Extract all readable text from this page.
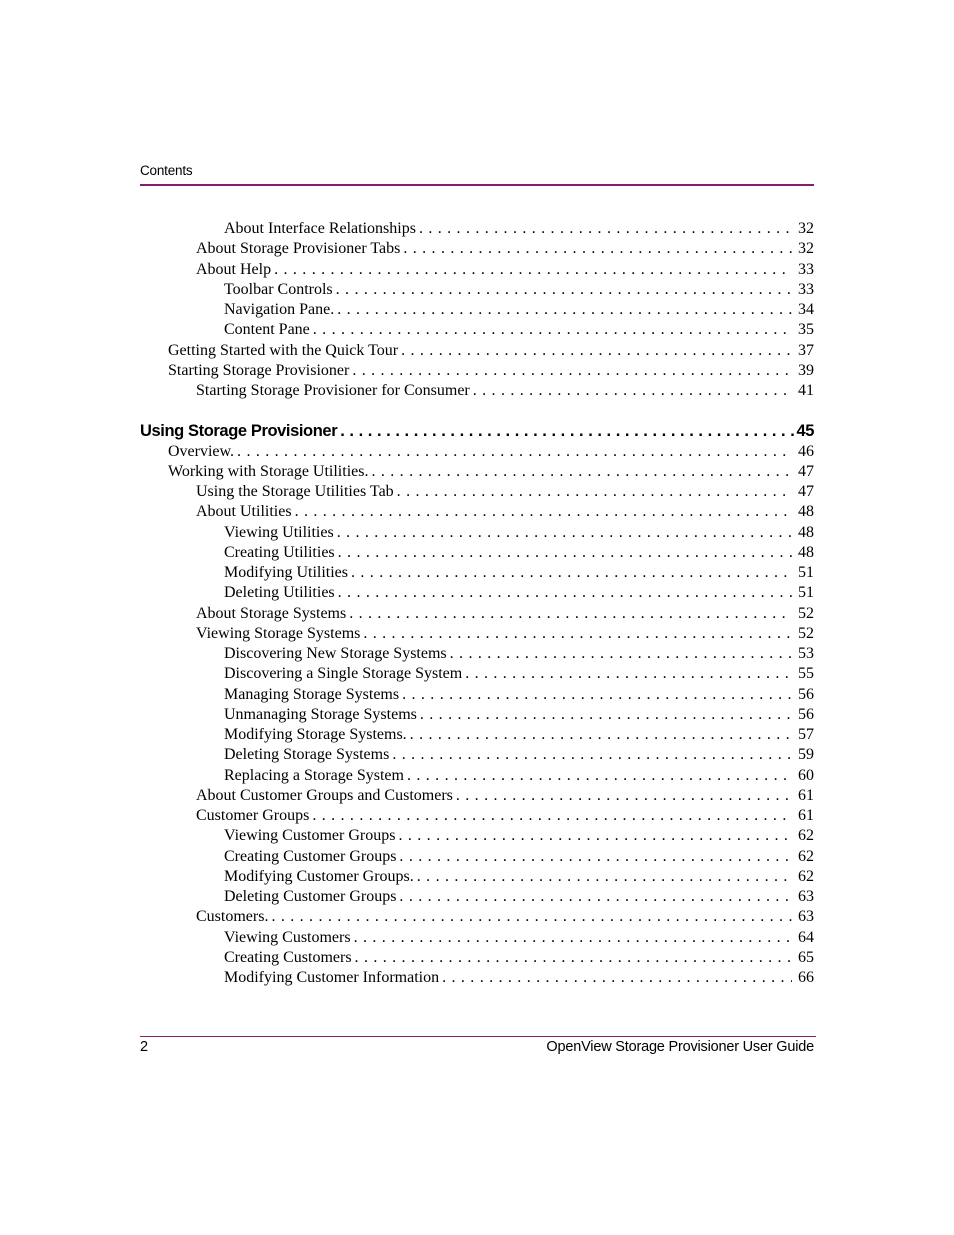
Contents
About Interface Relationships . . .	32
About Storage Provisioner Tabs . . .	32
About Help . . .	33
Toolbar Controls . . .	33
Navigation Pane. . . .	34
Content Pane . . .	35
Getting Started with the Quick Tour . . .	37
Starting Storage Provisioner . . .	39
Starting Storage Provisioner for Consumer . . .	41
Using Storage Provisioner .....	45
Overview. . . .	46
Working with Storage Utilities. . . .	47
Using the Storage Utilities Tab . . .	47
About Utilities . . .	48
Viewing Utilities . . .	48
Creating Utilities . . .	48
Modifying Utilities . . .	51
Deleting Utilities . . .	51
About Storage Systems . . .	52
Viewing Storage Systems . . .	52
Discovering New Storage Systems . . .	53
Discovering a Single Storage System . . .	55
Managing Storage Systems . . .	56
Unmanaging Storage Systems . . .	56
Modifying Storage Systems. . . .	57
Deleting Storage Systems . . .	59
Replacing a Storage System . . .	60
About Customer Groups and Customers . . .	61
Customer Groups . . .	61
Viewing Customer Groups . . .	62
Creating Customer Groups . . .	62
Modifying Customer Groups. . . .	62
Deleting Customer Groups . . .	63
Customers. . . .	63
Viewing Customers . . .	64
Creating Customers . . .	65
Modifying Customer Information . . .	66
2	OpenView Storage Provisioner User Guide
